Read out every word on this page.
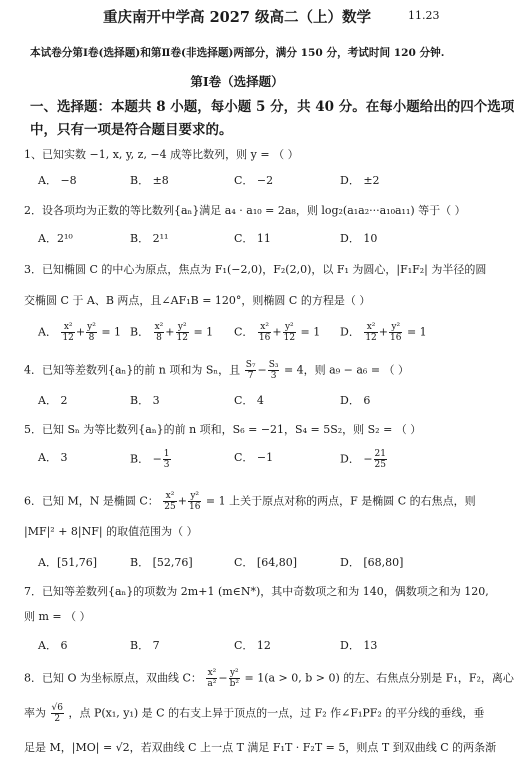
重庆南开中学高 2027 级高二（上）数学	11.23
本试卷分第Ⅰ卷(选择题)和第Ⅱ卷(非选择题)两部分，满分 150 分，考试时间 120 分钟.
第Ⅰ卷（选择题）
一、选择题：本题共 8 小题，每小题 5 分，共 40 分。在每小题给出的四个选项
中，只有一项是符合题目要求的。
1、已知实数 −1, x, y, z, −4 成等比数列，则 y = （ ）
A． −8	B． ±8	C． −2	D． ±2
2．设各项均为正数的等比数列{aₙ}满足 a₄ · a₁₀ = 2a₈，则 log₂(a₁a₂···a₁₀a₁₁) 等于（ ）
A．2¹⁰	B． 2¹¹	C． 11	D． 10
3．已知椭圆 C 的中心为原点，焦点为 F₁(−2,0)，F₂(2,0)，以 F₁ 为圆心，|F₁F₂| 为半径的圆
交椭圆 C 于 A、B 两点，且∠AF₁B = 120°，则椭圆 C 的方程是（ ）
A． $\frac{\text{x²}}{12} + \frac{\text{y²}}{8} = 1$ B． $\frac{\text{x²}}{8} + \frac{\text{y²}}{12} = 1$ C． $\frac{\text{x²}}{16} + \frac{\text{y²}}{12} = 1$ D． $\frac{\text{x²}}{12} + \frac{\text{y²}}{16} = 1$
4．已知等差数列{aₙ}的前 n 项和为 Sₙ，且 $\frac{\text{S₇}}{7} - \frac{\text{S₃}}{3} = 4$，则 a₉ − a₆ = （ ）
A． 2	B． 3	C． 4	D． 6
5．已知 Sₙ 为等比数列{aₙ}的前 n 项和，S₆ = −21，S₄ = 5S₂，则 S₂ = （ ）
A． 3	B． − $\frac{1}{3}$	C． −1	D． − $\frac{21}{25}$
6．已知 M，N 是椭圆 C： $\frac{\text{x²}}{25} + \frac{\text{y²}}{16} = 1$ 上关于原点对称的两点，F 是椭圆 C 的右焦点，则
|MF|² + 8|NF| 的取值范围为（ ）
A．[51,76]	B． [52,76]	C． [64,80]	D． [68,80]
7．已知等差数列{aₙ}的项数为 2m+1 (m∈N*)，其中奇数项之和为 140，偶数项之和为 120,
则 m = （ ）
A． 6	B． 7	C． 12	D． 13
8．已知 O 为坐标原点，双曲线 C： $\frac{\text{x²}}{\text{a²}} - \frac{\text{y²}}{\text{b²}} = 1(a > 0$, b > 0) 的左、右焦点分别是 F₁，F₂，离心
率为 $\frac{√6}{2}$ ，点 P(x₁, y₁) 是 C 的右支上异于顶点的一点，过 F₂ 作∠F₁PF₂ 的平分线的垂线，垂
足是 M，|MO| = √2，若双曲线 C 上一点 T 满足 F₁T · F₂T = 5，则点 T 到双曲线 C 的两条渐
